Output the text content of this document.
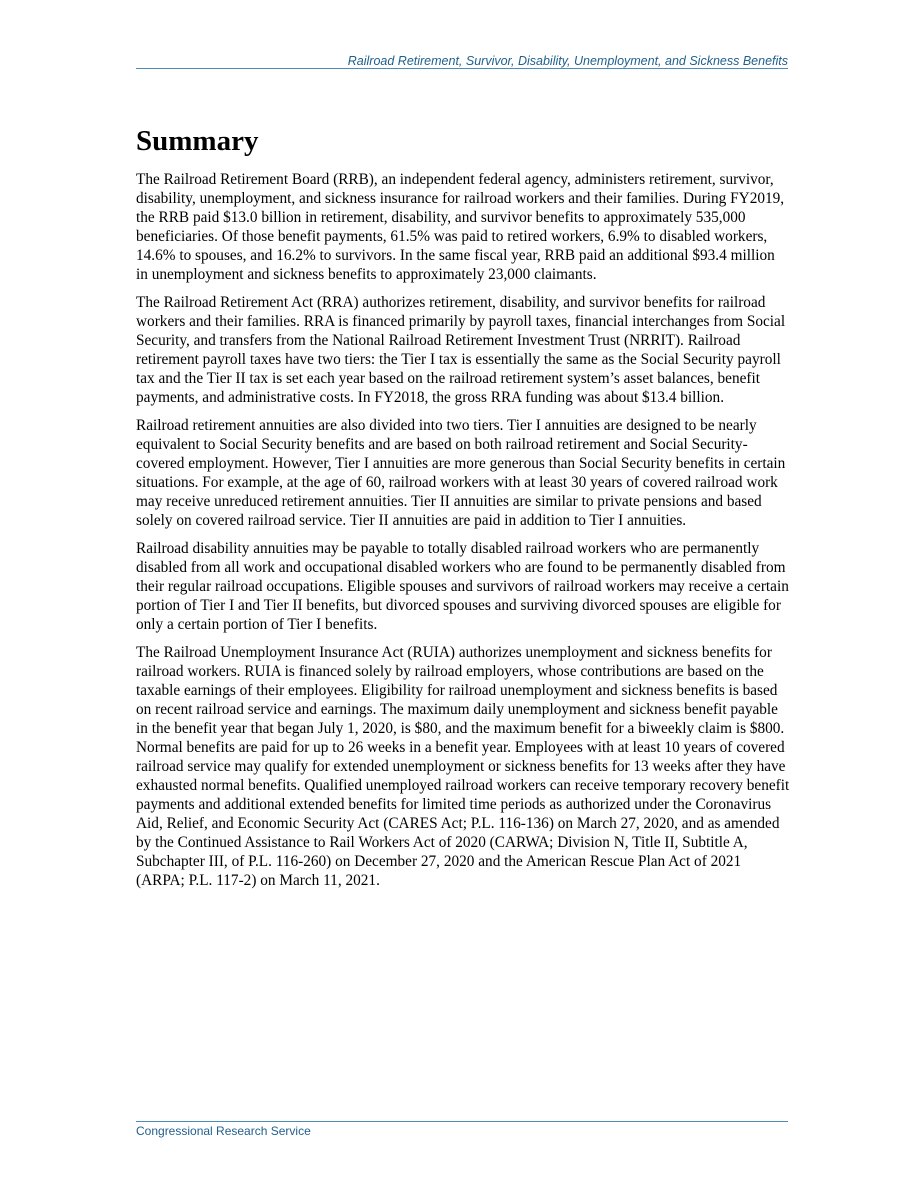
Railroad Retirement, Survivor, Disability, Unemployment, and Sickness Benefits
Summary

The Railroad Retirement Board (RRB), an independent federal agency, administers retirement, survivor, disability, unemployment, and sickness insurance for railroad workers and their families. During FY2019, the RRB paid $13.0 billion in retirement, disability, and survivor benefits to approximately 535,000 beneficiaries. Of those benefit payments, 61.5% was paid to retired workers, 6.9% to disabled workers, 14.6% to spouses, and 16.2% to survivors. In the same fiscal year, RRB paid an additional $93.4 million in unemployment and sickness benefits to approximately 23,000 claimants.

The Railroad Retirement Act (RRA) authorizes retirement, disability, and survivor benefits for railroad workers and their families. RRA is financed primarily by payroll taxes, financial interchanges from Social Security, and transfers from the National Railroad Retirement Investment Trust (NRRIT). Railroad retirement payroll taxes have two tiers: the Tier I tax is essentially the same as the Social Security payroll tax and the Tier II tax is set each year based on the railroad retirement system’s asset balances, benefit payments, and administrative costs. In FY2018, the gross RRA funding was about $13.4 billion.

Railroad retirement annuities are also divided into two tiers. Tier I annuities are designed to be nearly equivalent to Social Security benefits and are based on both railroad retirement and Social Security-covered employment. However, Tier I annuities are more generous than Social Security benefits in certain situations. For example, at the age of 60, railroad workers with at least 30 years of covered railroad work may receive unreduced retirement annuities. Tier II annuities are similar to private pensions and based solely on covered railroad service. Tier II annuities are paid in addition to Tier I annuities.

Railroad disability annuities may be payable to totally disabled railroad workers who are permanently disabled from all work and occupational disabled workers who are found to be permanently disabled from their regular railroad occupations. Eligible spouses and survivors of railroad workers may receive a certain portion of Tier I and Tier II benefits, but divorced spouses and surviving divorced spouses are eligible for only a certain portion of Tier I benefits.

The Railroad Unemployment Insurance Act (RUIA) authorizes unemployment and sickness benefits for railroad workers. RUIA is financed solely by railroad employers, whose contributions are based on the taxable earnings of their employees. Eligibility for railroad unemployment and sickness benefits is based on recent railroad service and earnings. The maximum daily unemployment and sickness benefit payable in the benefit year that began July 1, 2020, is $80, and the maximum benefit for a biweekly claim is $800. Normal benefits are paid for up to 26 weeks in a benefit year. Employees with at least 10 years of covered railroad service may qualify for extended unemployment or sickness benefits for 13 weeks after they have exhausted normal benefits. Qualified unemployed railroad workers can receive temporary recovery benefit payments and additional extended benefits for limited time periods as authorized under the Coronavirus Aid, Relief, and Economic Security Act (CARES Act; P.L. 116-136) on March 27, 2020, and as amended by the Continued Assistance to Rail Workers Act of 2020 (CARWA; Division N, Title II, Subtitle A, Subchapter III, of P.L. 116-260) on December 27, 2020 and the American Rescue Plan Act of 2021 (ARPA; P.L. 117-2) on March 11, 2021.

Congressional Research Service
